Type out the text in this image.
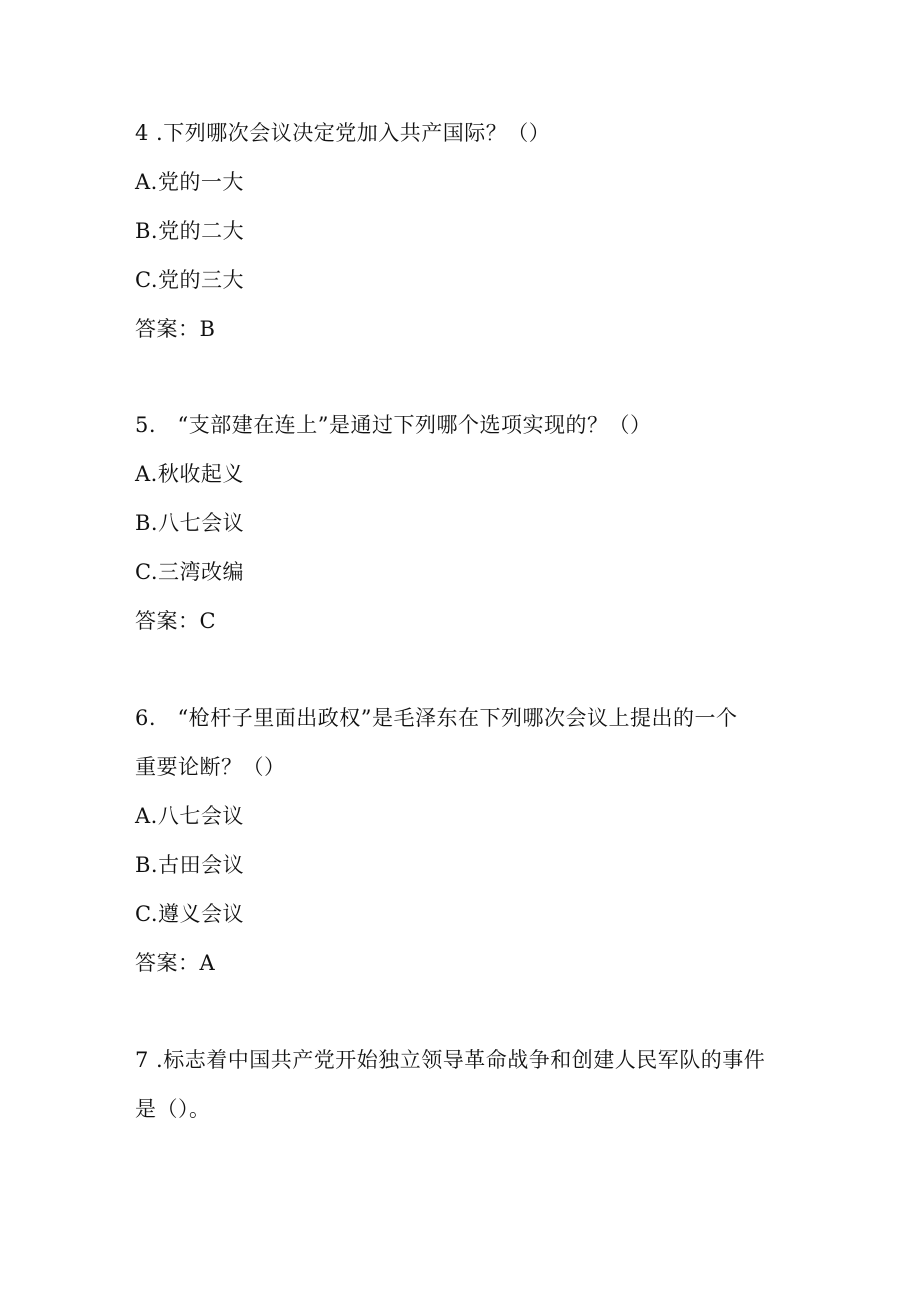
4 .下列哪次会议决定党加入共产国际？（）
A.党的一大
B.党的二大
C.党的三大
答案：B
5.　“支部建在连上”是通过下列哪个选项实现的？（）
A.秋收起义
B.八七会议
C.三湾改编
答案：C
6.　“枪杆子里面出政权”是毛泽东在下列哪次会议上提出的一个
重要论断？（）
A.八七会议
B.古田会议
C.遵义会议
答案：A
7 .标志着中国共产党开始独立领导革命战争和创建人民军队的事件
是（）。
